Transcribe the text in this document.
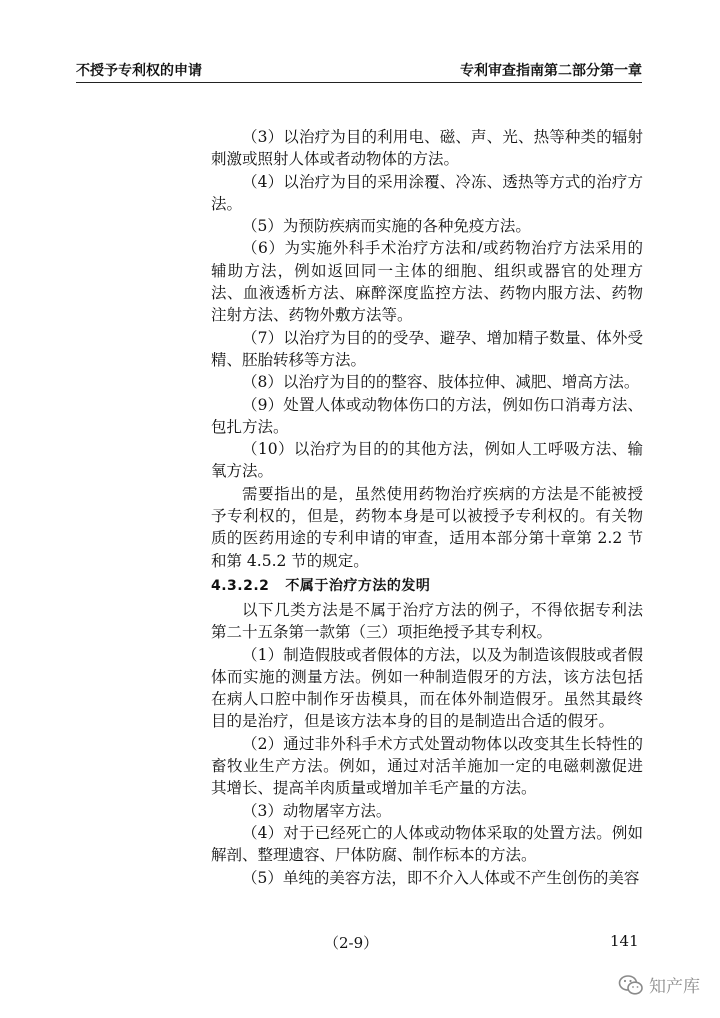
不授予专利权的申请	专利审查指南第二部分第一章

（3）以治疗为目的利用电、磁、声、光、热等种类的辐射刺激或照射人体或者动物体的方法。

（4）以治疗为目的采用涂覆、冷冻、透热等方式的治疗方法。

（5）为预防疾病而实施的各种免疫方法。

（6）为实施外科手术治疗方法和/或药物治疗方法采用的辅助方法，例如返回同一主体的细胞、组织或器官的处理方法、血液透析方法、麻醉深度监控方法、药物内服方法、药物注射方法、药物外敷方法等。

（7）以治疗为目的的受孕、避孕、增加精子数量、体外受精、胚胎转移等方法。

（8）以治疗为目的的整容、肢体拉伸、减肥、增高方法。

（9）处置人体或动物体伤口的方法，例如伤口消毒方法、包扎方法。

（10）以治疗为目的的其他方法，例如人工呼吸方法、输氧方法。

需要指出的是，虽然使用药物治疗疾病的方法是不能被授予专利权的，但是，药物本身是可以被授予专利权的。有关物质的医药用途的专利申请的审查，适用本部分第十章第 2.2 节和第 4.5.2 节的规定。

4.3.2.2 不属于治疗方法的发明

以下几类方法是不属于治疗方法的例子，不得依据专利法第二十五条第一款第（三）项拒绝授予其专利权。

（1）制造假肢或者假体的方法，以及为制造该假肢或者假体而实施的测量方法。例如一种制造假牙的方法，该方法包括在病人口腔中制作牙齿模具，而在体外制造假牙。虽然其最终目的是治疗，但是该方法本身的目的是制造出合适的假牙。

（2）通过非外科手术方式处置动物体以改变其生长特性的畜牧业生产方法。例如，通过对活羊施加一定的电磁刺激促进其增长、提高羊肉质量或增加羊毛产量的方法。

（3）动物屠宰方法。

（4）对于已经死亡的人体或动物体采取的处置方法。例如解剖、整理遗容、尸体防腐、制作标本的方法。

（5）单纯的美容方法，即不介入人体或不产生创伤的美容

（2-9）	141
知产库
